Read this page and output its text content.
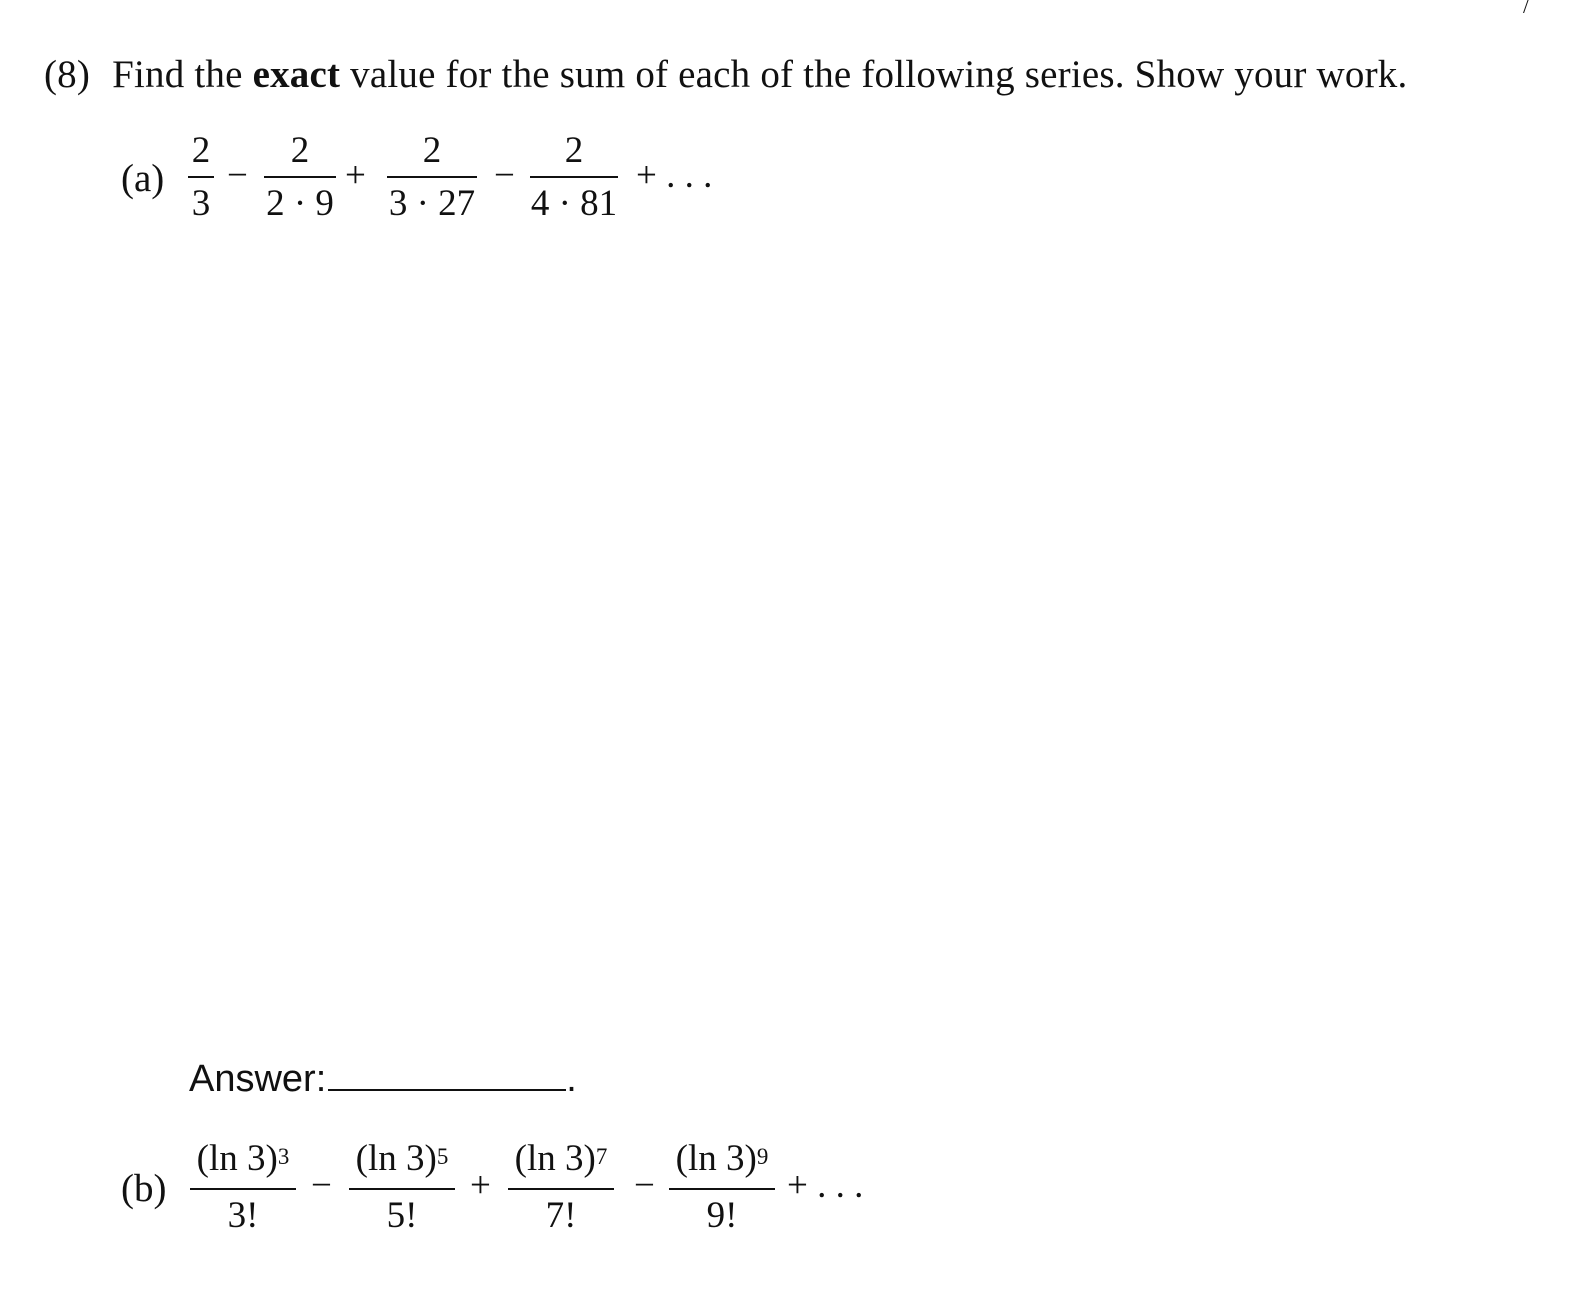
/
(8) Find the exact value for the sum of each of the following series. Show your work.
(a)
2
3
−
2
2 · 9
+
2
3 · 27
−
2
4 · 81
+ . . .
Answer:	.
(b)
(ln 3)$^3$
3!
−
(ln 3)$^5$
5!
+
(ln 3)$^7$
7!
−
(ln 3)$^9$
9!
+ . . .
